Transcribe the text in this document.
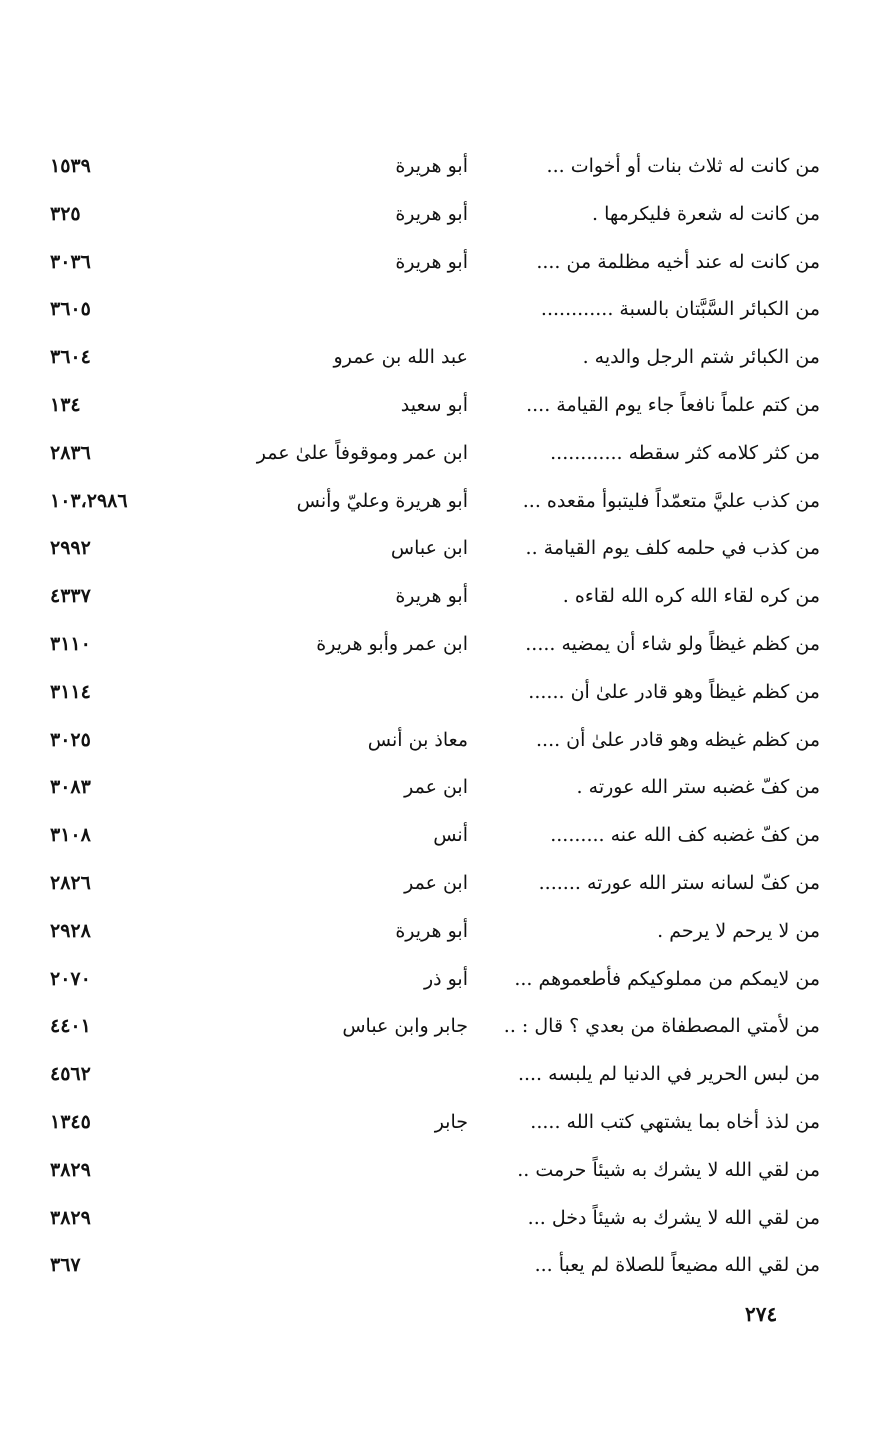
من كانت له ثلاث بنات أو أخوات ...
أبو هريرة
١٥٣٩
من كانت له شعرة فليكرمها .
أبو هريرة
٣٢٥
من كانت له عند أخيه مظلمة من ....
أبو هريرة
٣٠٣٦
من الكبائر السَّبَّتان بالسبة ............
٣٦٠٥
من الكبائر شتم الرجل والديه .
عبد الله بن عمرو
٣٦٠٤
من كتم علماً نافعاً جاء يوم القيامة ....
أبو سعيد
١٣٤
من كثر كلامه كثر سقطه ............
ابن عمر وموقوفاً علىٰ عمر
٢٨٣٦
من كذب عليَّ متعمّداً فليتبوأ مقعده ...
أبو هريرة وعليّ وأنس
١٠٣،٢٩٨٦
من كذب في حلمه كلف يوم القيامة ..
ابن عباس
٢٩٩٢
من كره لقاء الله كره الله لقاءه .
أبو هريرة
٤٣٣٧
من كظم غيظاً ولو شاء أن يمضيه .....
ابن عمر وأبو هريرة
٣١١٠
من كظم غيظاً وهو قادر علىٰ أن ......
٣١١٤
من كظم غيظه وهو قادر علىٰ أن ....
معاذ بن أنس
٣٠٢٥
من كفّ غضبه ستر الله عورته .
ابن عمر
٣٠٨٣
من كفّ غضبه كف الله عنه .........
أنس
٣١٠٨
من كفّ لسانه ستر الله عورته .......
ابن عمر
٢٨٢٦
من لا يرحم لا يرحم .
أبو هريرة
٢٩٢٨
من لايمكم من مملوكيكم فأطعموهم ...
أبو ذر
٢٠٧٠
من لأمتي المصطفاة من بعدي ؟ قال : ..
جابر وابن عباس
٤٤٠١
من لبس الحرير في الدنيا لم يلبسه ....
٤٥٦٢
من لذذ أخاه بما يشتهي كتب الله .....
جابر
١٣٤٥
من لقي الله لا يشرك به شيئاً حرمت ..
٣٨٢٩
من لقي الله لا يشرك به شيئاً دخل ...
٣٨٢٩
من لقي الله مضيعاً للصلاة لم يعبأ ...
٣٦٧
٢٧٤
